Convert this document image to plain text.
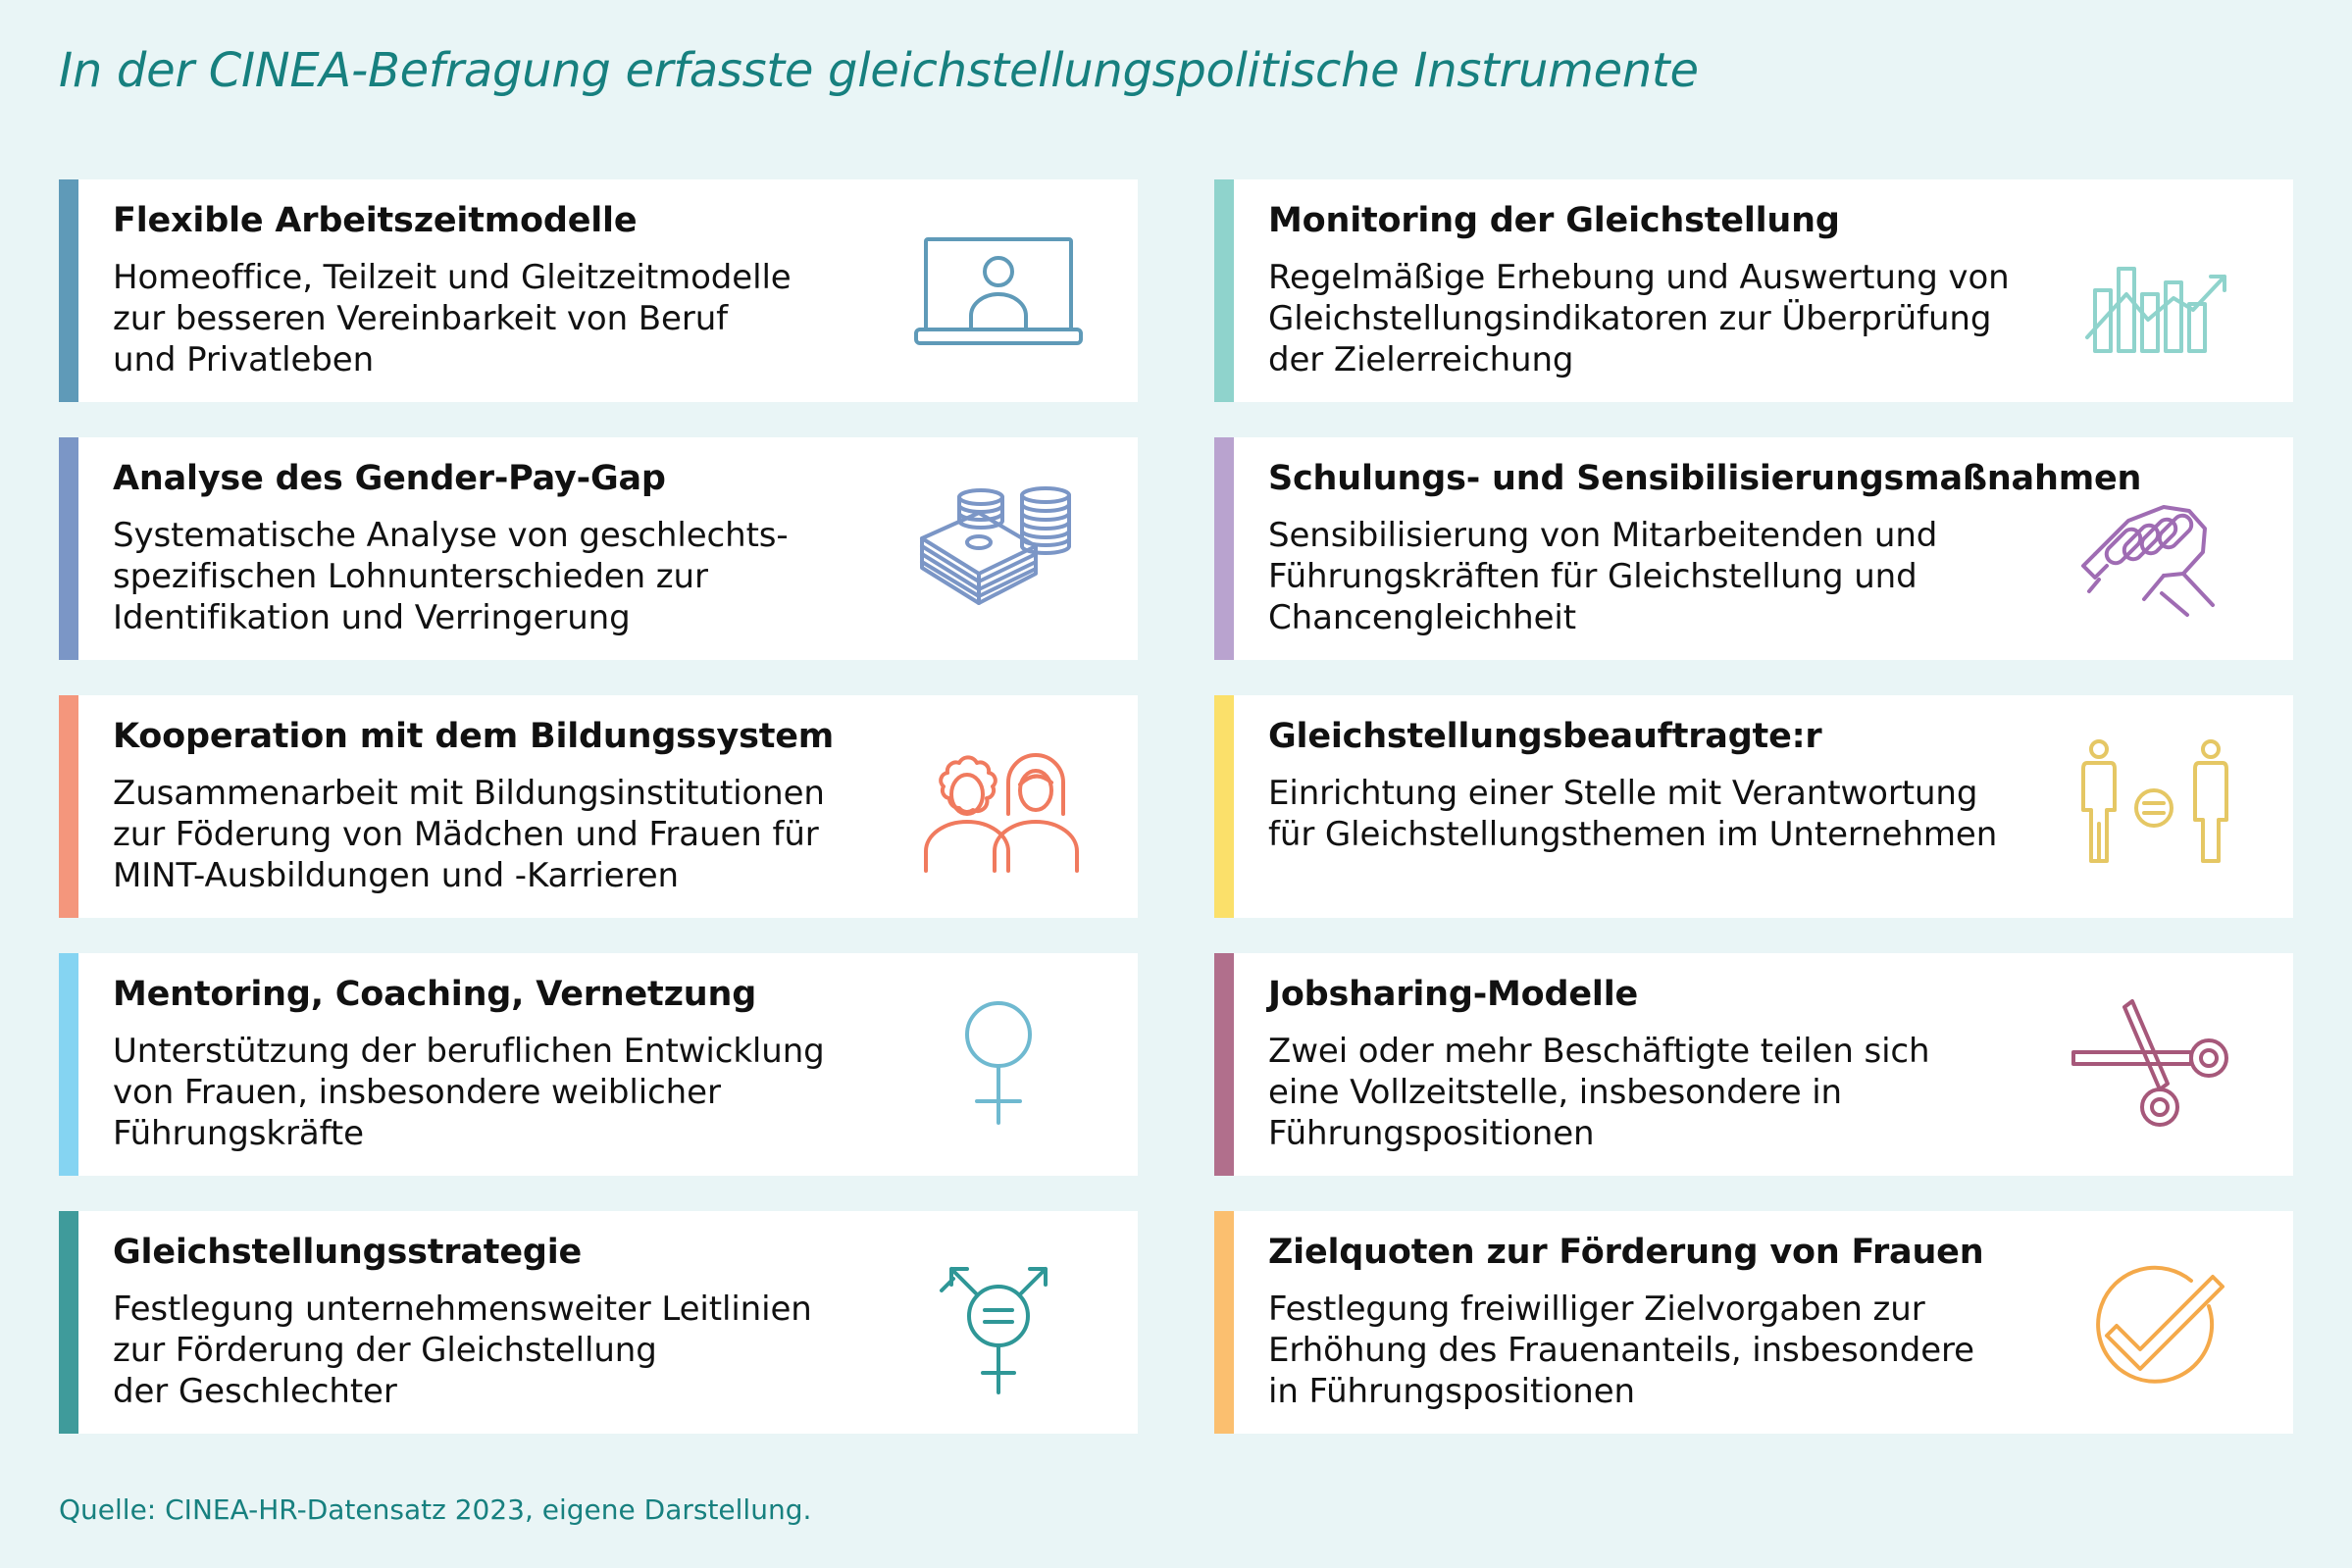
In der CINEA-Befragung erfasste gleichstellungspolitische Instrumente
Flexible Arbeitszeitmodelle
Homeoffice, Teilzeit und Gleitzeitmodelle
zur besseren Vereinbarkeit von Beruf
und Privatleben
Monitoring der Gleichstellung
Regelmäßige Erhebung und Auswertung von
Gleichstellungsindikatoren zur Überprüfung
der Zielerreichung
Analyse des Gender-Pay-Gap
Systematische Analyse von geschlechts-
spezifischen Lohnunterschieden zur
Identifikation und Verringerung
Schulungs- und Sensibilisierungsmaßnahmen
Sensibilisierung von Mitarbeitenden und
Führungskräften für Gleichstellung und
Chancengleichheit
Kooperation mit dem Bildungssystem
Zusammenarbeit mit Bildungsinstitutionen
zur Föderung von Mädchen und Frauen für
MINT-Ausbildungen und -Karrieren
Gleichstellungsbeauftragte:r
Einrichtung einer Stelle mit Verantwortung
für Gleichstellungsthemen im Unternehmen
Mentoring, Coaching, Vernetzung
Unterstützung der beruflichen Entwicklung
von Frauen, insbesondere weiblicher
Führungskräfte
Jobsharing-Modelle
Zwei oder mehr Beschäftigte teilen sich
eine Vollzeitstelle, insbesondere in
Führungspositionen
Gleichstellungsstrategie
Festlegung unternehmensweiter Leitlinien
zur Förderung der Gleichstellung
der Geschlechter
Zielquoten zur Förderung von Frauen
Festlegung freiwilliger Zielvorgaben zur
Erhöhung des Frauenanteils, insbesondere
in Führungspositionen
Quelle: CINEA-HR-Datensatz 2023, eigene Darstellung.
